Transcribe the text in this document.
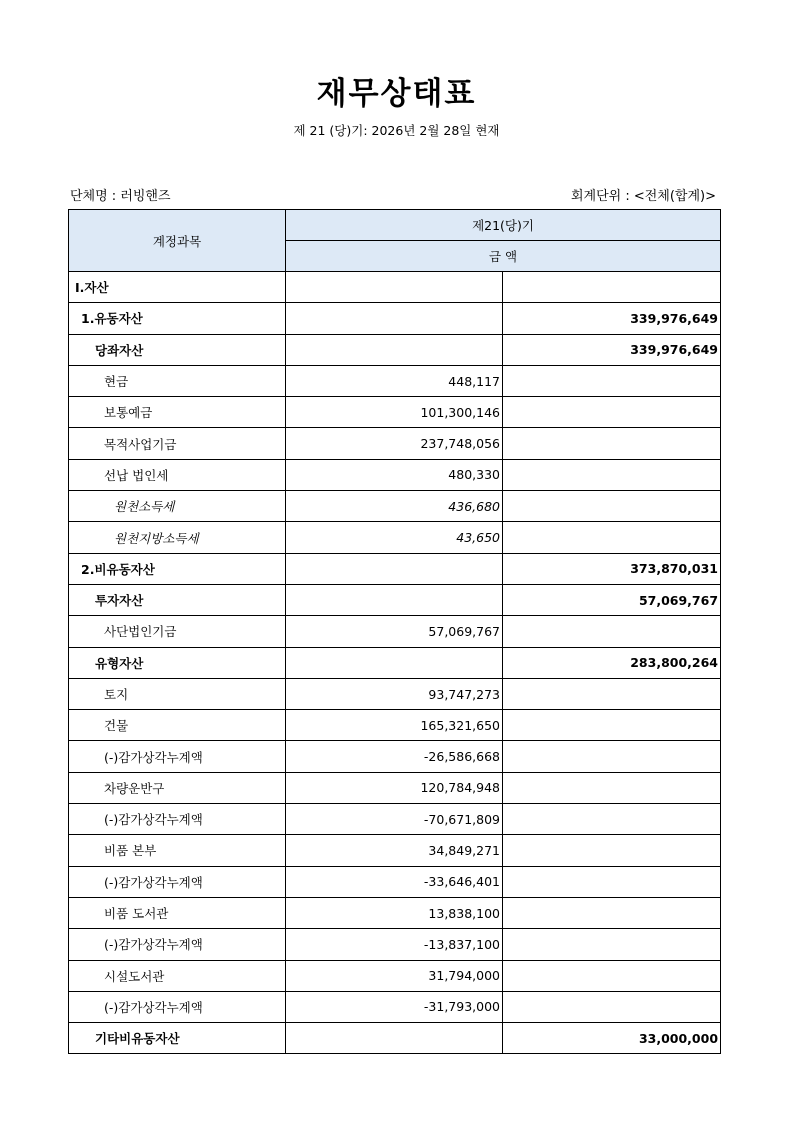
재무상태표
제 21 (당)기: 2026년 2월 28일 현재
단체명 : 러빙핸즈	회계단위 : <전체(합계)>
계정과목	제21(당)기	
	금 액	
Ⅰ.자산		
1.유동자산		339,976,649
당좌자산		339,976,649
현금	448,117	
보통예금	101,300,146	
목적사업기금	237,748,056	
선납 법인세	480,330	
원천소득세	436,680	
원천지방소득세	43,650	
2.비유동자산		373,870,031
투자자산		57,069,767
사단법인기금	57,069,767	
유형자산		283,800,264
토지	93,747,273	
건물	165,321,650	
(-)감가상각누계액	-26,586,668	
차량운반구	120,784,948	
(-)감가상각누계액	-70,671,809	
비품 본부	34,849,271	
(-)감가상각누계액	-33,646,401	
비품 도서관	13,838,100	
(-)감가상각누계액	-13,837,100	
시설도서관	31,794,000	
(-)감가상각누계액	-31,793,000	
기타비유동자산		33,000,000
